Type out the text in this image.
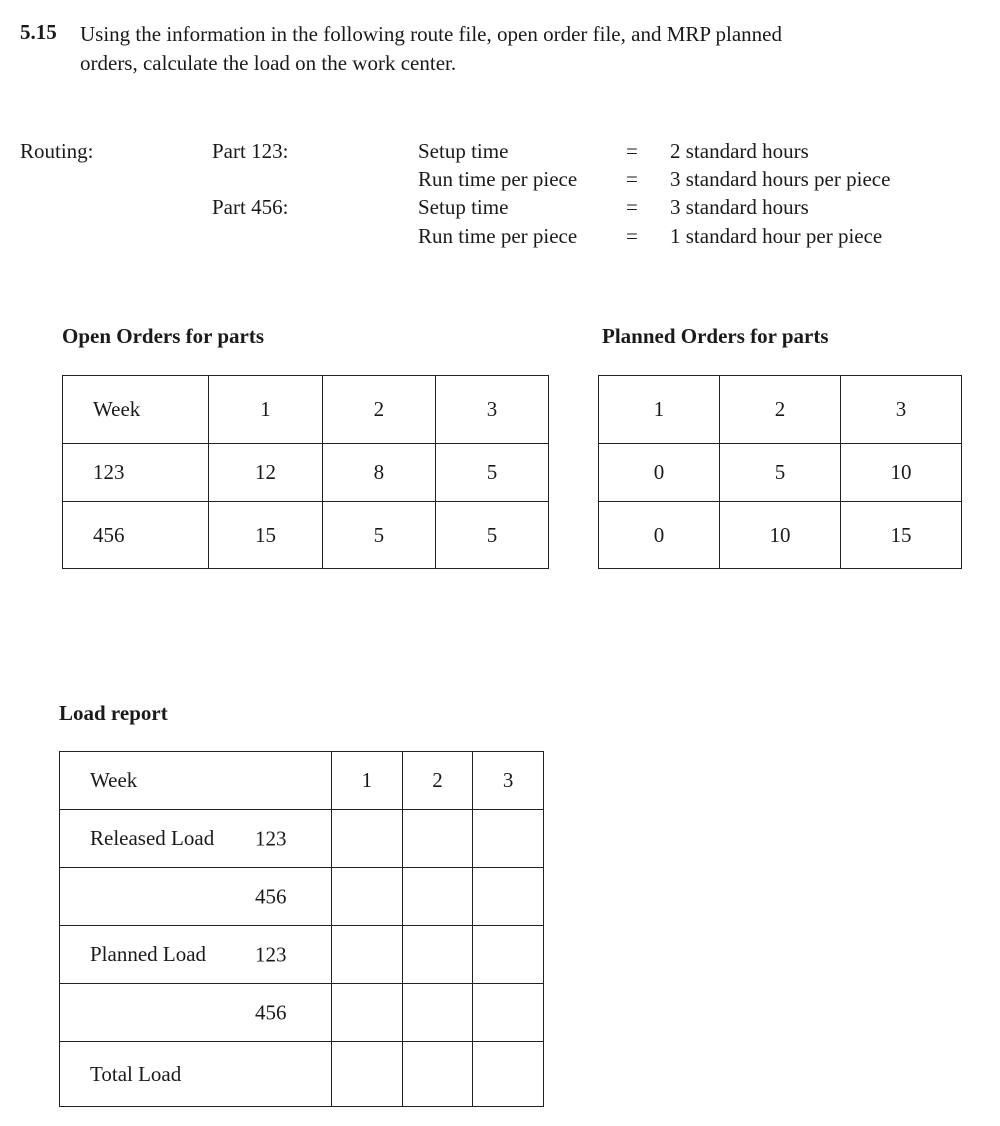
5.15 Using the information in the following route file, open order file, and MRP planned
orders, calculate the load on the work center.
Routing:	Part 123:	Setup time	= 2 standard hours
Run time per piece = 3 standard hours per piece
Part 456:	Setup time	= 3 standard hours
Run time per piece = 1 standard hour per piece
Open Orders for parts
Week	1	2	3
123	12	8	5
456	15	5	5
Planned Orders for parts
1	2	3
0	5	10
0	10	15
Load report
Week	1	2	3
Released Load 123			

456			

Planned Load 123			

456			

Total Load
